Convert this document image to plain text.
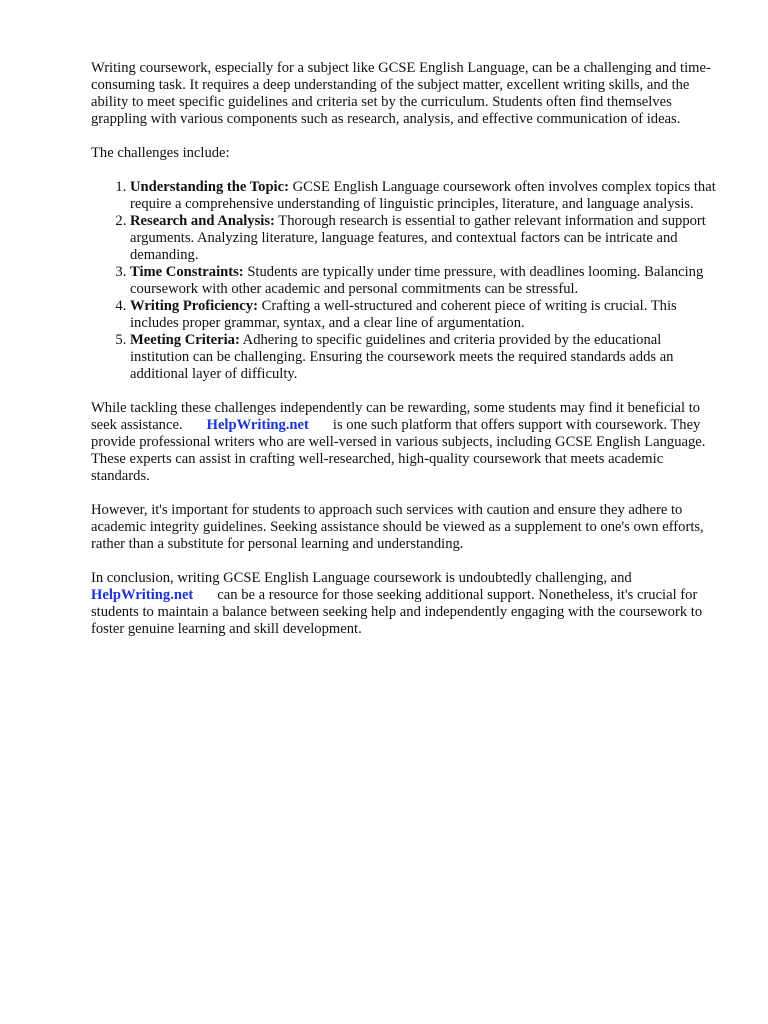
Writing coursework, especially for a subject like GCSE English Language, can be a challenging and time-consuming task. It requires a deep understanding of the subject matter, excellent writing skills, and the ability to meet specific guidelines and criteria set by the curriculum. Students often find themselves grappling with various components such as research, analysis, and effective communication of ideas.

The challenges include:

1. Understanding the Topic: GCSE English Language coursework often involves complex topics that require a comprehensive understanding of linguistic principles, literature, and language analysis.
2. Research and Analysis: Thorough research is essential to gather relevant information and support arguments. Analyzing literature, language features, and contextual factors can be intricate and demanding.
3. Time Constraints: Students are typically under time pressure, with deadlines looming. Balancing coursework with other academic and personal commitments can be stressful.
4. Writing Proficiency: Crafting a well-structured and coherent piece of writing is crucial. This includes proper grammar, syntax, and a clear line of argumentation.
5. Meeting Criteria: Adhering to specific guidelines and criteria provided by the educational institution can be challenging. Ensuring the coursework meets the required standards adds an additional layer of difficulty.

While tackling these challenges independently can be rewarding, some students may find it beneficial to seek assistance. HelpWriting.net is one such platform that offers support with coursework. They provide professional writers who are well-versed in various subjects, including GCSE English Language. These experts can assist in crafting well-researched, high-quality coursework that meets academic standards.

However, it's important for students to approach such services with caution and ensure they adhere to academic integrity guidelines. Seeking assistance should be viewed as a supplement to one's own efforts, rather than a substitute for personal learning and understanding.

In conclusion, writing GCSE English Language coursework is undoubtedly challenging, and HelpWriting.net can be a resource for those seeking additional support. Nonetheless, it's crucial for students to maintain a balance between seeking help and independently engaging with the coursework to foster genuine learning and skill development.
